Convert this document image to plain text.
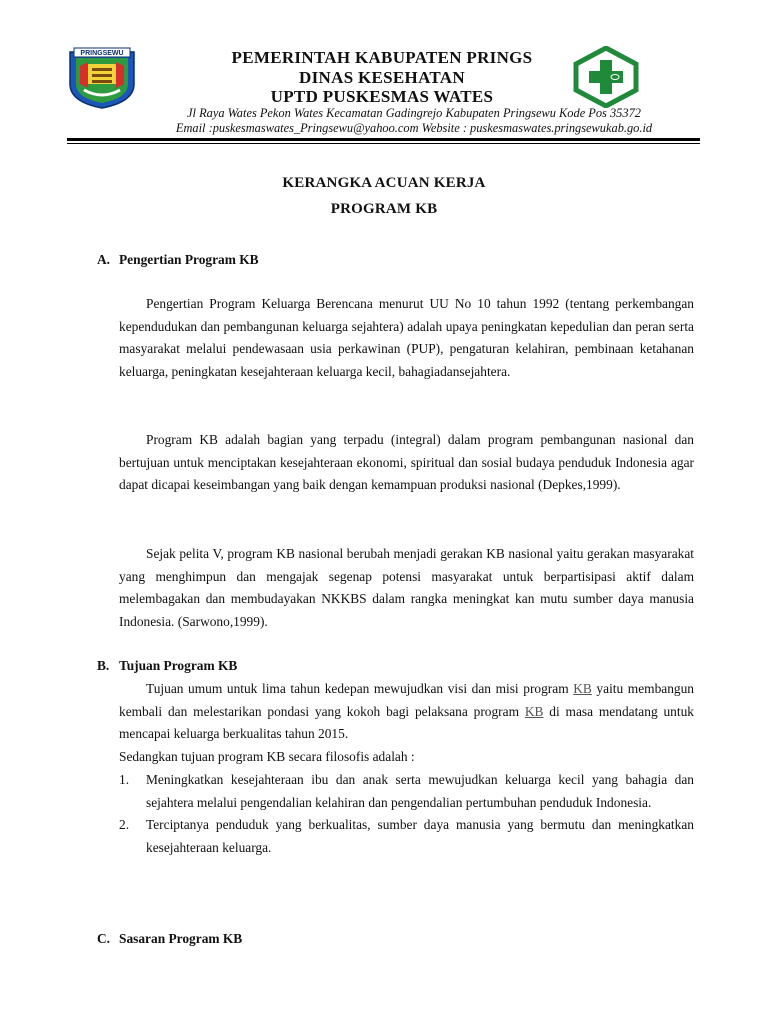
PRINGSEWU	PEMERINTAH KABUPATEN PRINGS
DINAS KESEHATAN
UPTD PUSKESMAS WATES
Jl Raya Wates Pekon Wates Kecamatan Gadingrejo Kabupaten Pringsewu Kode Pos 35372
Email :puskesmaswates_Pringsewu@yahoo.com Website : puskesmaswates.pringsewukab.go.id
KERANGKA ACUAN KERJA
PROGRAM KB
A. Pengertian Program KB
Pengertian Program Keluarga Berencana menurut UU No 10 tahun 1992 (tentang perkembangan kependudukan dan pembangunan keluarga sejahtera) adalah upaya peningkatan kepedulian dan peran serta masyarakat melalui pendewasaan usia perkawinan (PUP), pengaturan kelahiran, pembinaan ketahanan keluarga, peningkatan kesejahteraan keluarga kecil, bahagiadansejahtera.
Program KB adalah bagian yang terpadu (integral) dalam program pembangunan nasional dan bertujuan untuk menciptakan kesejahteraan ekonomi, spiritual dan sosial budaya penduduk Indonesia agar dapat dicapai keseimbangan yang baik dengan kemampuan produksi nasional (Depkes,1999).
Sejak pelita V, program KB nasional berubah menjadi gerakan KB nasional yaitu gerakan masyarakat yang menghimpun dan mengajak segenap potensi masyarakat untuk berpartisipasi aktif dalam melembagakan dan membudayakan NKKBS dalam rangka meningkat kan mutu sumber daya manusia Indonesia. (Sarwono,1999).
B. Tujuan Program KB
Tujuan umum untuk lima tahun kedepan mewujudkan visi dan misi program KB yaitu membangun kembali dan melestarikan pondasi yang kokoh bagi pelaksana program KB di masa mendatang untuk mencapai keluarga berkualitas tahun 2015.
Sedangkan tujuan program KB secara filosofis adalah :
1. Meningkatkan kesejahteraan ibu dan anak serta mewujudkan keluarga kecil yang bahagia dan sejahtera melalui pengendalian kelahiran dan pengendalian pertumbuhan penduduk Indonesia.
2. Terciptanya penduduk yang berkualitas, sumber daya manusia yang bermutu dan meningkatkan kesejahteraan keluarga.
C. Sasaran Program KB
